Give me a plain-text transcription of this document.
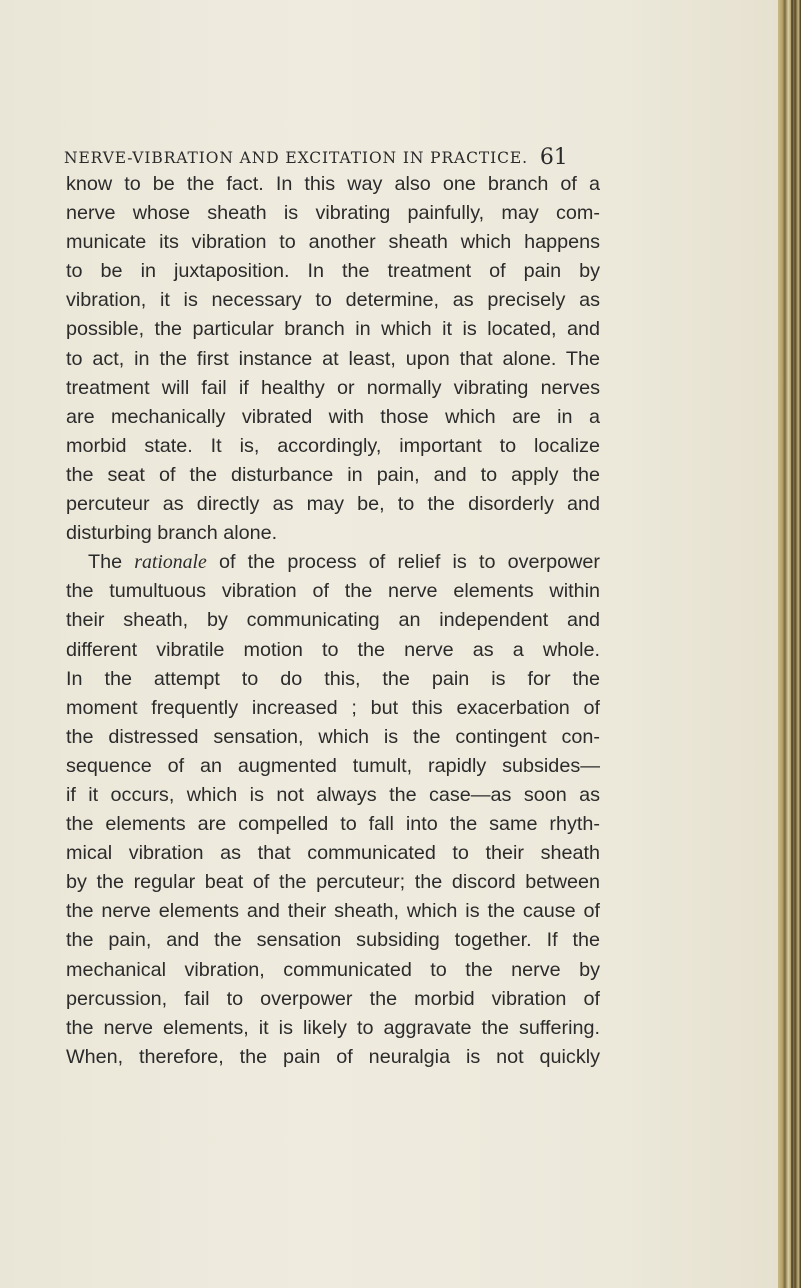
NERVE-VIBRATION AND EXCITATION IN PRACTICE. 61
know to be the fact. In this way also one branch of a
nerve whose sheath is vibrating painfully, may com-
municate its vibration to another sheath which happens
to be in juxtaposition. In the treatment of pain by
vibration, it is necessary to determine, as precisely as
possible, the particular branch in which it is located, and
to act, in the first instance at least, upon that alone. The
treatment will fail if healthy or normally vibrating nerves
are mechanically vibrated with those which are in a
morbid state. It is, accordingly, important to localize
the seat of the disturbance in pain, and to apply the
percuteur as directly as may be, to the disorderly and
disturbing branch alone.
The rationale of the process of relief is to overpower
the tumultuous vibration of the nerve elements within
their sheath, by communicating an independent and
different vibratile motion to the nerve as a whole.
In the attempt to do this, the pain is for the
moment frequently increased ; but this exacerbation of
the distressed sensation, which is the contingent con-
sequence of an augmented tumult, rapidly subsides—
if it occurs, which is not always the case—as soon as
the elements are compelled to fall into the same rhyth-
mical vibration as that communicated to their sheath
by the regular beat of the percuteur; the discord between
the nerve elements and their sheath, which is the cause of
the pain, and the sensation subsiding together. If the
mechanical vibration, communicated to the nerve by
percussion, fail to overpower the morbid vibration of
the nerve elements, it is likely to aggravate the suffering.
When, therefore, the pain of neuralgia is not quickly
